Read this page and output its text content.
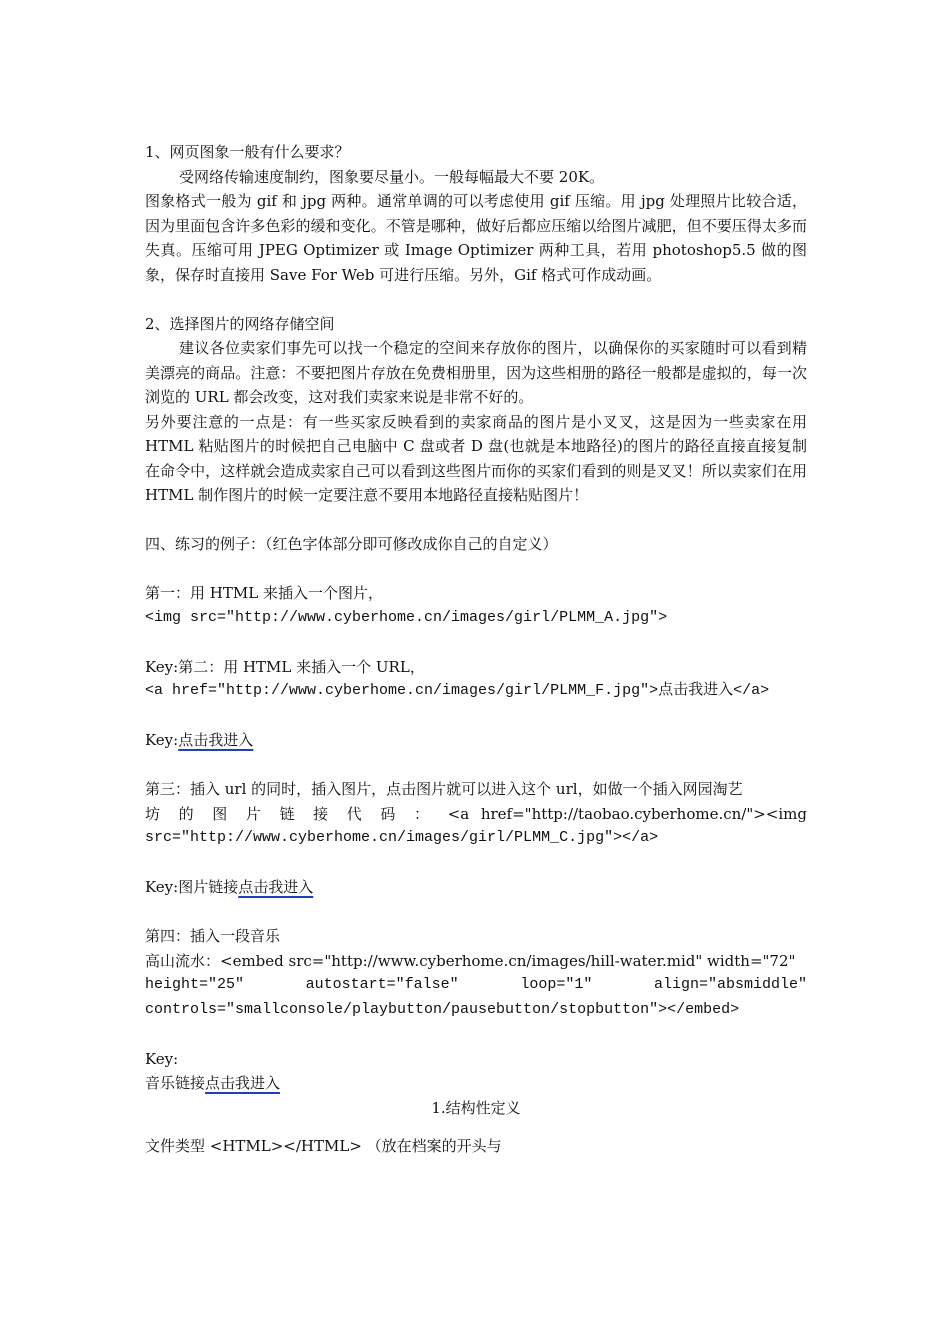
1、网页图象一般有什么要求？

受网络传输速度制约，图象要尽量小。一般每幅最大不要 20K。

图象格式一般为 gif 和 jpg 两种。通常单调的可以考虑使用 gif 压缩。用 jpg 处理照片比较合适，因为里面包含许多色彩的缓和变化。不管是哪种，做好后都应压缩以给图片减肥，但不要压得太多而失真。压缩可用 JPEG Optimizer 或 Image Optimizer 两种工具，若用 photoshop5.5 做的图象，保存时直接用 Save For Web 可进行压缩。另外，Gif 格式可作成动画。

2、选择图片的网络存储空间

建议各位卖家们事先可以找一个稳定的空间来存放你的图片，以确保你的买家随时可以看到精美漂亮的商品。注意：不要把图片存放在免费相册里，因为这些相册的路径一般都是虚拟的，每一次浏览的 URL 都会改变，这对我们卖家来说是非常不好的。

另外要注意的一点是：有一些买家反映看到的卖家商品的图片是小叉叉，这是因为一些卖家在用 HTML 粘贴图片的时候把自己电脑中 C 盘或者 D 盘(也就是本地路径)的图片的路径直接直接复制在命令中，这样就会造成卖家自己可以看到这些图片而你的买家们看到的则是叉叉！所以卖家们在用 HTML 制作图片的时候一定要注意不要用本地路径直接粘贴图片！

四、练习的例子：（红色字体部分即可修改成你自己的自定义）

第一：用 HTML 来插入一个图片，

<img src="http://www.cyberhome.cn/images/girl/PLMM_A.jpg">

Key:第二：用 HTML 来插入一个 URL，

<a href="http://www.cyberhome.cn/images/girl/PLMM_F.jpg">点击我进入</a>

Key:点击我进入

第三：插入 url 的同时，插入图片，点击图片就可以进入这个 url，如做一个插入网园淘艺

坊 的 图 片 链 接 代 码 ： <a href="http://taobao.cyberhome.cn/"><img

src="http://www.cyberhome.cn/images/girl/PLMM_C.jpg"></a>

Key:图片链接点击我进入

第四：插入一段音乐

高山流水：<embed src="http://www.cyberhome.cn/images/hill-water.mid" width="72"

height="25" autostart="false" loop="1" align="absmiddle"

controls="smallconsole/playbutton/pausebutton/stopbutton"></embed>

Key:

音乐链接点击我进入

1.结构性定义

文件类型 <HTML></HTML> （放在档案的开头与
